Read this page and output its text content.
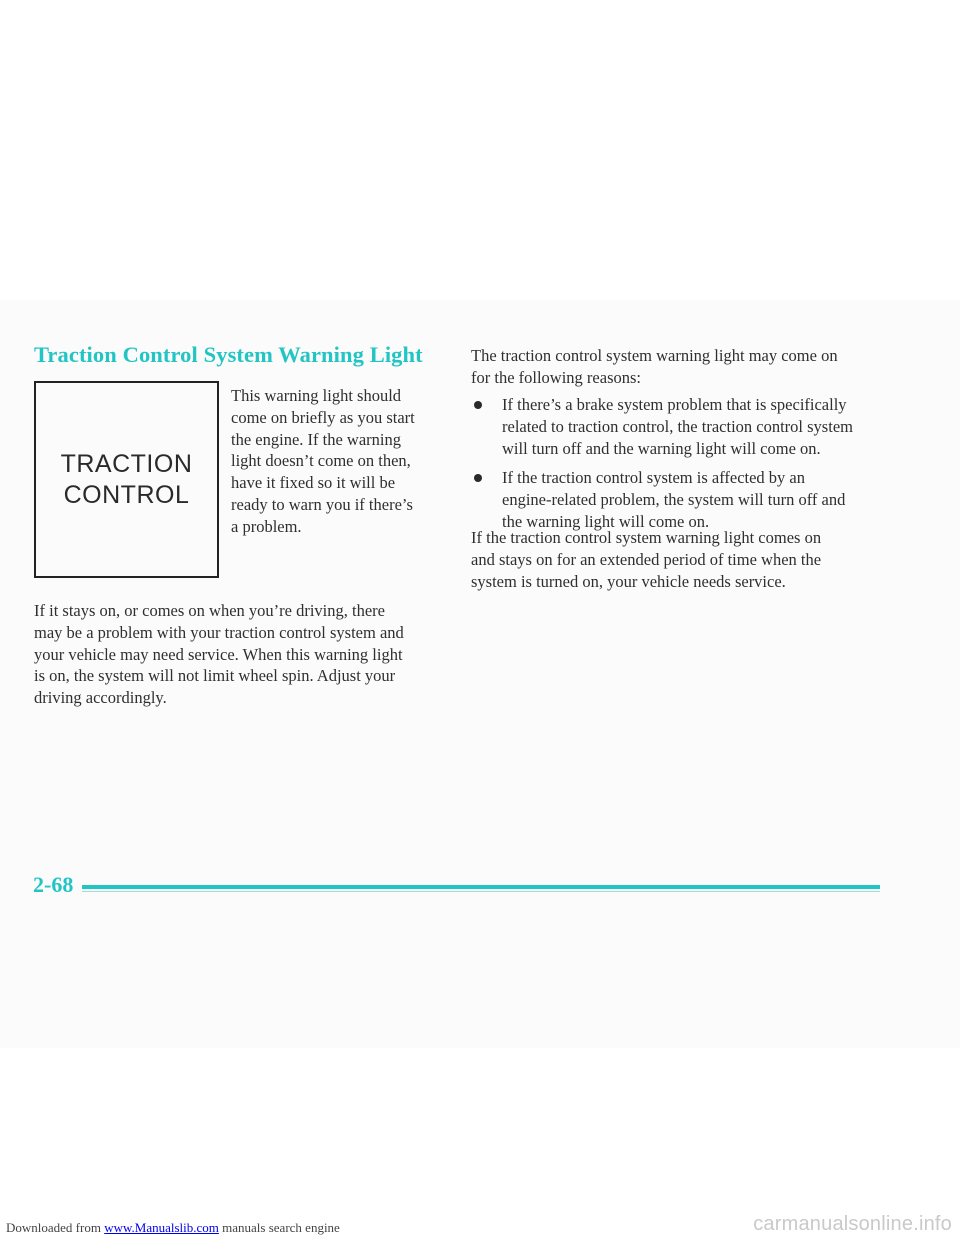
Traction Control System Warning Light
TRACTION
CONTROL

This warning light should
come on briefly as you start
the engine. If the warning
light doesn’t come on then,
have it fixed so it will be
ready to warn you if there’s
a problem.

If it stays on, or comes on when you’re driving, there
may be a problem with your traction control system and
your vehicle may need service. When this warning light
is on, the system will not limit wheel spin. Adjust your
driving accordingly.

The traction control system warning light may come on
for the following reasons:

If there’s a brake system problem that is specifically
related to traction control, the traction control system
will turn off and the warning light will come on.
If the traction control system is affected by an
engine-related problem, the system will turn off and
the warning light will come on.

If the traction control system warning light comes on
and stays on for an extended period of time when the
system is turned on, your vehicle needs service.

2-68

Downloaded from www.Manualslib.com manuals search engine	carmanualsonline.info
